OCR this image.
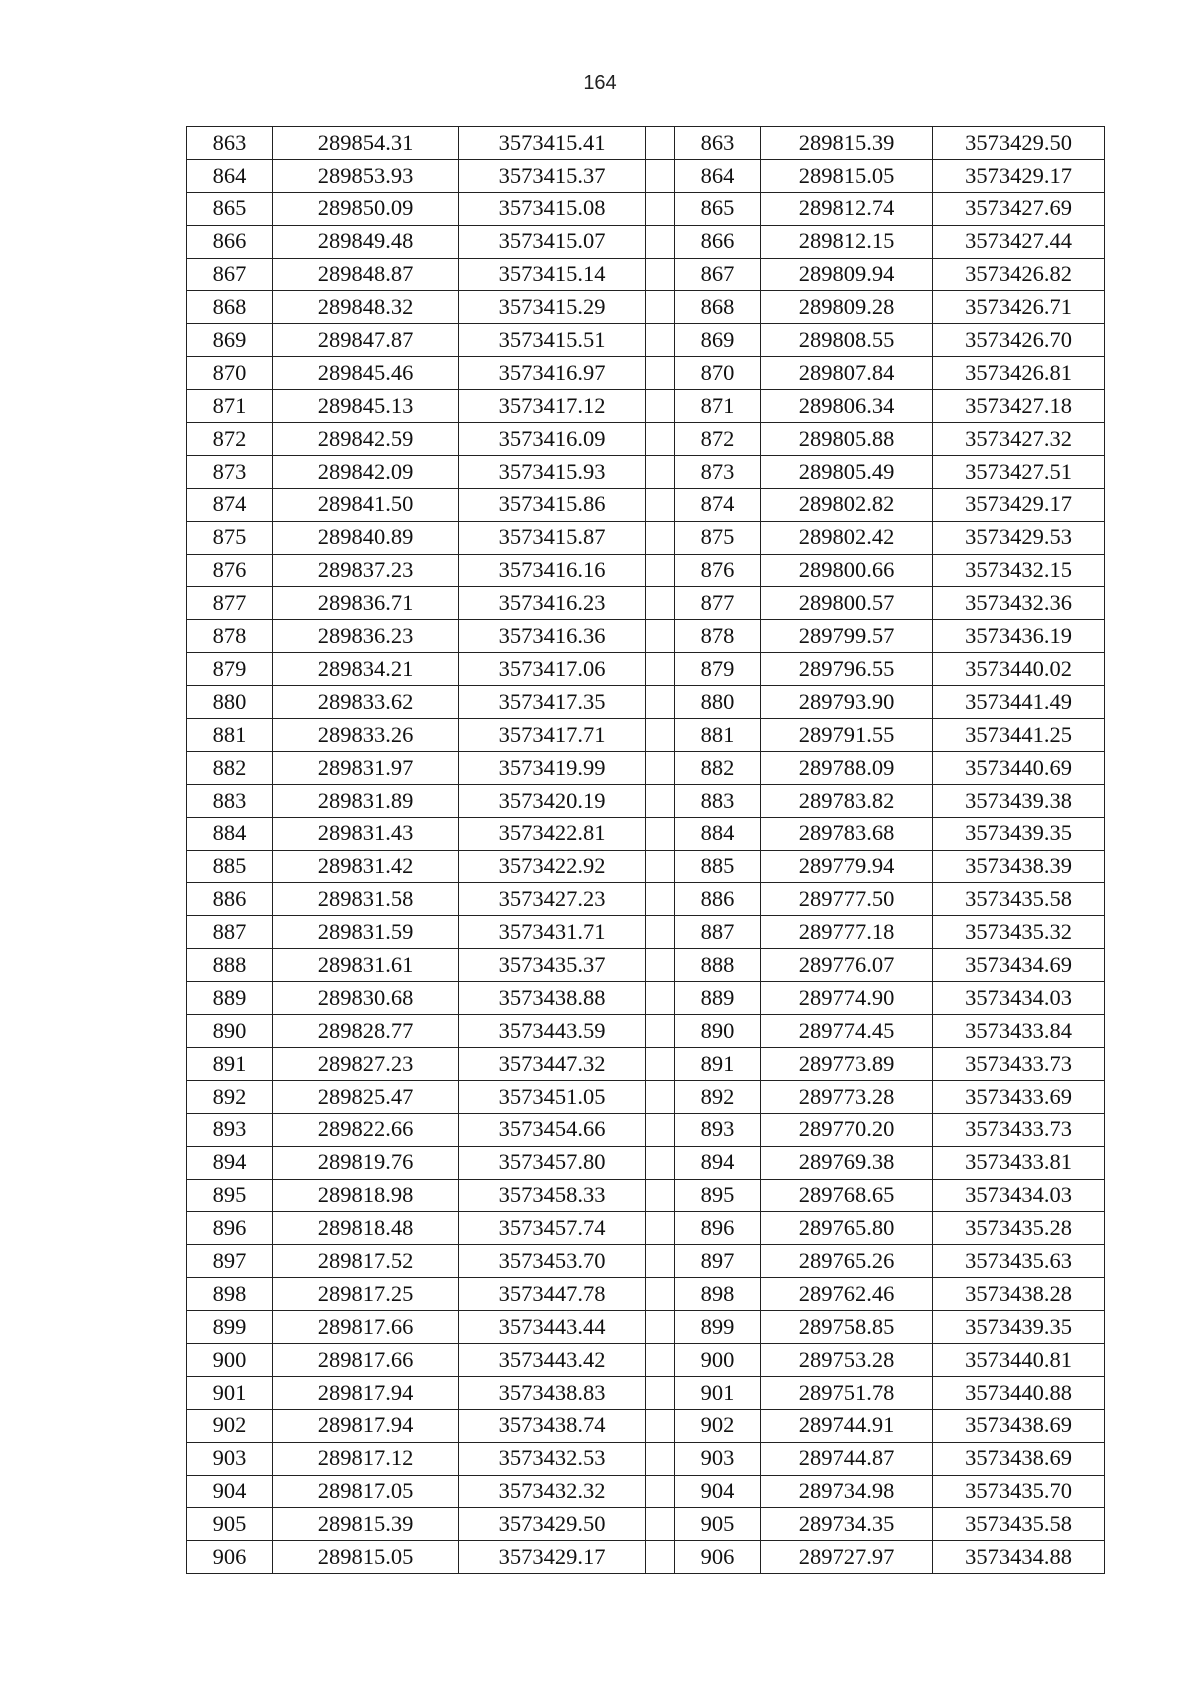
164
863	289854.31	3573415.41		863	289815.39	3573429.50
864	289853.93	3573415.37		864	289815.05	3573429.17
865	289850.09	3573415.08		865	289812.74	3573427.69
866	289849.48	3573415.07		866	289812.15	3573427.44
867	289848.87	3573415.14		867	289809.94	3573426.82
868	289848.32	3573415.29		868	289809.28	3573426.71
869	289847.87	3573415.51		869	289808.55	3573426.70
870	289845.46	3573416.97		870	289807.84	3573426.81
871	289845.13	3573417.12		871	289806.34	3573427.18
872	289842.59	3573416.09		872	289805.88	3573427.32
873	289842.09	3573415.93		873	289805.49	3573427.51
874	289841.50	3573415.86		874	289802.82	3573429.17
875	289840.89	3573415.87		875	289802.42	3573429.53
876	289837.23	3573416.16		876	289800.66	3573432.15
877	289836.71	3573416.23		877	289800.57	3573432.36
878	289836.23	3573416.36		878	289799.57	3573436.19
879	289834.21	3573417.06		879	289796.55	3573440.02
880	289833.62	3573417.35		880	289793.90	3573441.49
881	289833.26	3573417.71		881	289791.55	3573441.25
882	289831.97	3573419.99		882	289788.09	3573440.69
883	289831.89	3573420.19		883	289783.82	3573439.38
884	289831.43	3573422.81		884	289783.68	3573439.35
885	289831.42	3573422.92		885	289779.94	3573438.39
886	289831.58	3573427.23		886	289777.50	3573435.58
887	289831.59	3573431.71		887	289777.18	3573435.32
888	289831.61	3573435.37		888	289776.07	3573434.69
889	289830.68	3573438.88		889	289774.90	3573434.03
890	289828.77	3573443.59		890	289774.45	3573433.84
891	289827.23	3573447.32		891	289773.89	3573433.73
892	289825.47	3573451.05		892	289773.28	3573433.69
893	289822.66	3573454.66		893	289770.20	3573433.73
894	289819.76	3573457.80		894	289769.38	3573433.81
895	289818.98	3573458.33		895	289768.65	3573434.03
896	289818.48	3573457.74		896	289765.80	3573435.28
897	289817.52	3573453.70		897	289765.26	3573435.63
898	289817.25	3573447.78		898	289762.46	3573438.28
899	289817.66	3573443.44		899	289758.85	3573439.35
900	289817.66	3573443.42		900	289753.28	3573440.81
901	289817.94	3573438.83		901	289751.78	3573440.88
902	289817.94	3573438.74		902	289744.91	3573438.69
903	289817.12	3573432.53		903	289744.87	3573438.69
904	289817.05	3573432.32		904	289734.98	3573435.70
905	289815.39	3573429.50		905	289734.35	3573435.58
906	289815.05	3573429.17		906	289727.97	3573434.88
